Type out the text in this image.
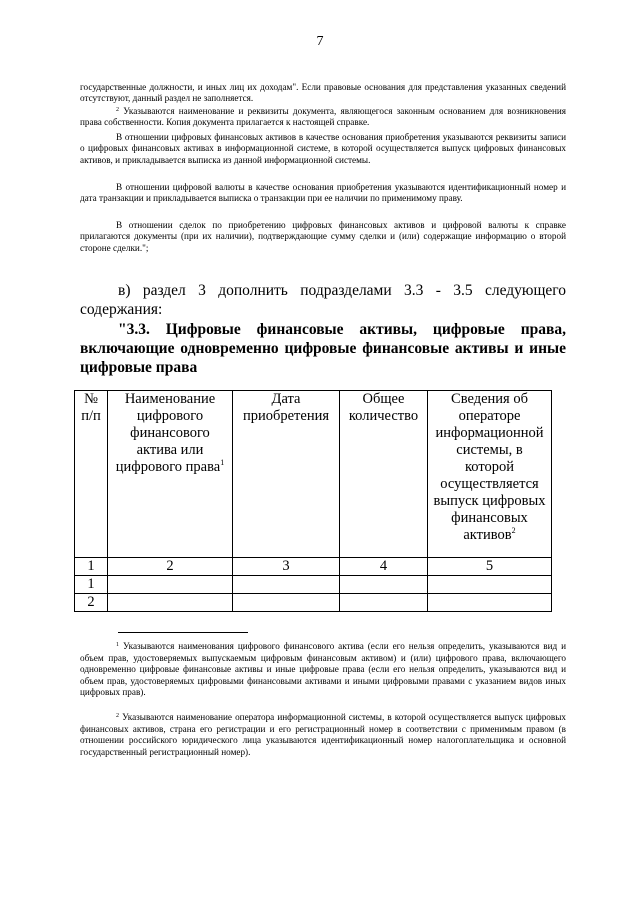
7

государственные должности, и иных лиц их доходам". Если правовые основания для представления указанных сведений отсутствуют, данный раздел не заполняется.

$^2$ Указываются наименование и реквизиты документа, являющегося законным основанием для возникновения права собственности. Копия документа прилагается к настоящей справке.

В отношении цифровых финансовых активов в качестве основания приобретения указываются реквизиты записи о цифровых финансовых активах в информационной системе, в которой осуществляется выпуск цифровых финансовых активов, и прикладывается выписка из данной информационной системы.

В отношении цифровой валюты в качестве основания приобретения указываются идентификационный номер и дата транзакции и прикладывается выписка о транзакции при ее наличии по применимому праву.

В отношении сделок по приобретению цифровых финансовых активов и цифровой валюты к справке прилагаются документы (при их наличии), подтверждающие сумму сделки и (или) содержащие информацию о второй стороне сделки.";

в) раздел 3 дополнить подразделами 3.3 - 3.5 следующего

содержания:

"3.3. Цифровые финансовые активы, цифровые права,
включающие одновременно цифровые финансовые активы и иные цифровые права
№ п/п	Наименование цифрового финансового актива или цифрового права$^1$	Дата приобретения	Общее количество	Сведения об операторе информационной системы, в которой осуществляется выпуск цифровых финансовых активов$^2$
1	2	3	4	5
1				
2				

$^1$ Указываются наименования цифрового финансового актива (если его нельзя определить, указываются вид и объем прав, удостоверяемых выпускаемым цифровым финансовым активом) и (или) цифрового права, включающего одновременно цифровые финансовые активы и иные цифровые права (если его нельзя определить, указываются вид и объем прав, удостоверяемых цифровыми финансовыми активами и иными цифровыми правами с указанием видов иных цифровых прав).

$^2$ Указываются наименование оператора информационной системы, в которой осуществляется выпуск цифровых финансовых активов, страна его регистрации и его регистрационный номер в соответствии с применимым правом (в отношении российского юридического лица указываются идентификационный номер налогоплательщика и основной государственный регистрационный номер).
